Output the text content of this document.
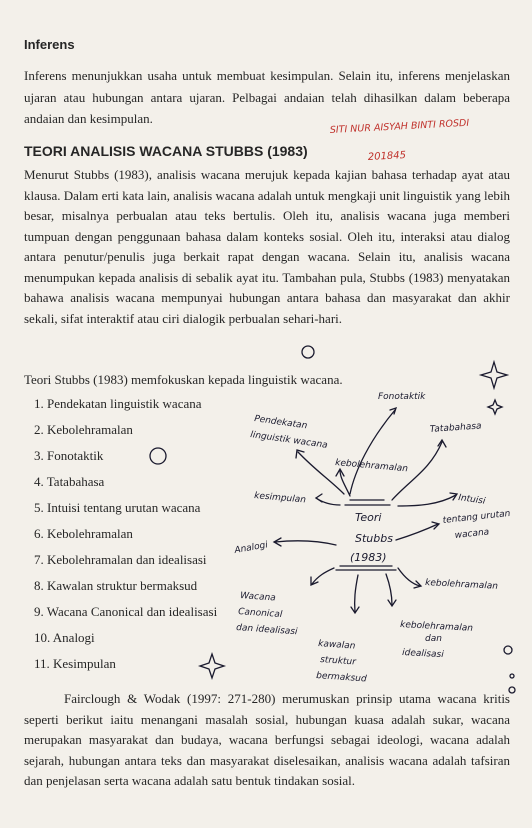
Inferens

Inferens menunjukkan usaha untuk membuat kesimpulan. Selain itu, inferens menjelaskan ujaran atau hubungan antara ujaran. Pelbagai andaian telah dihasilkan dalam beberapa andaian dan kesimpulan.

TEORI ANALISIS WACANA STUBBS (1983)

Menurut Stubbs (1983), analisis wacana merujuk kepada kajian bahasa terhadap ayat atau klausa. Dalam erti kata lain, analisis wacana adalah untuk mengkaji unit linguistik yang lebih besar, misalnya perbualan atau teks bertulis. Oleh itu, analisis wacana juga memberi tumpuan dengan penggunaan bahasa dalam konteks sosial. Oleh itu, interaksi atau dialog antara penutur/penulis juga berkait rapat dengan wacana. Selain itu, analisis wacana menumpukan kepada analisis di sebalik ayat itu. Tambahan pula, Stubbs (1983) menyatakan bahawa analisis wacana mempunyai hubungan antara bahasa dan masyarakat dan akhir sekali, sifat interaktif atau ciri dialogik perbualan sehari-hari.

Teori Stubbs (1983) memfokuskan kepada linguistik wacana.
1. Pendekatan linguistik wacana
2. Kebolehramalan
3. Fonotaktik
4. Tatabahasa
5. Intuisi tentang urutan wacana
6. Kebolehramalan
7. Kebolehramalan dan idealisasi
8. Kawalan struktur bermaksud
9. Wacana Canonical dan idealisasi
10. Analogi
11. Kesimpulan

Fairclough & Wodak (1997: 271-280) merumuskan prinsip utama wacana kritis seperti berikut iaitu menangani masalah sosial, hubungan kuasa adalah sukar, wacana merupakan masyarakat dan budaya, wacana berfungsi sebagai ideologi, wacana adalah sejarah, hubungan antara teks dan masyarakat diselesaikan, analisis wacana adalah tafsiran dan penjelasan serta wacana adalah satu bentuk tindakan sosial.

SITI NUR AISYAH BINTI ROSDI
201845
Teori
Stubbs
(1983)
Fonotaktik
Pendekatan
linguistik wacana
Tatabahasa
kebolehramalan
kesimpulan	Intuisi
tentang urutan
wacana
Analogi
kebolehramalan
Wacana
Canonical
dan idealisasi	kebolehramalan
dan
idealisasi
kawalan
struktur
bermaksud
